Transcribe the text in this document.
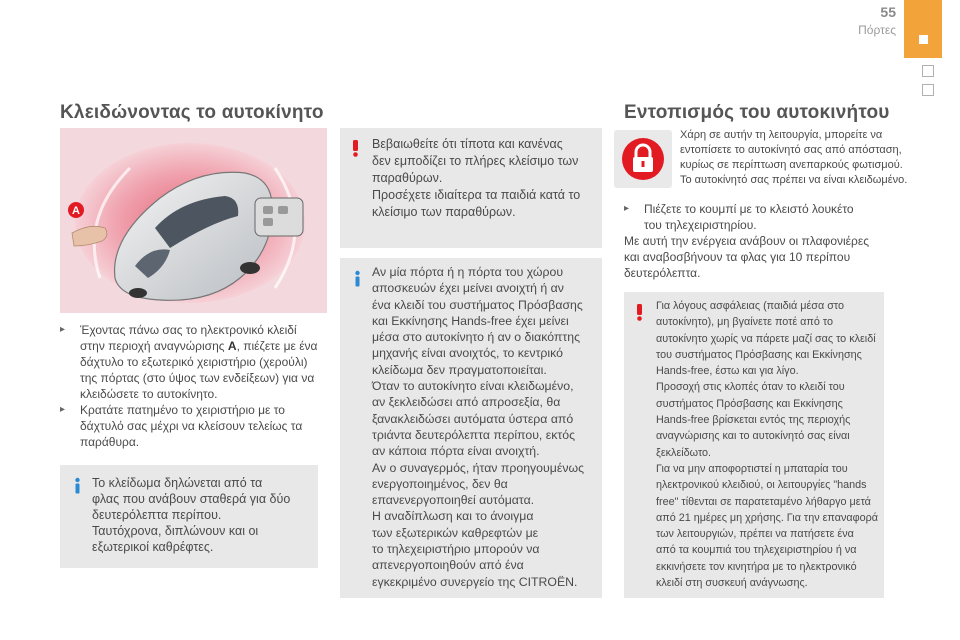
55
Πόρτες
Κλειδώνοντας το αυτοκίνητο
A
▸ Έχοντας πάνω σας το ηλεκτρονικό κλειδί
στην περιοχή αναγνώρισης A, πιέζετε με ένα
δάχτυλο το εξωτερικό χειριστήριο (χερούλι)
της πόρτας (στο ύψος των ενδείξεων) για να
κλειδώσετε το αυτοκίνητο.
▸ Κρατάτε πατημένο το χειριστήριο με το
δάχτυλό σας μέχρι να κλείσουν τελείως τα
παράθυρα.
Το κλείδωμα δηλώνεται από τα
φλας που ανάβουν σταθερά για δύο
δευτερόλεπτα περίπου.
Ταυτόχρονα, διπλώνουν και οι
εξωτερικοί καθρέφτες.
Βεβαιωθείτε ότι τίποτα και κανένας
δεν εμποδίζει το πλήρες κλείσιμο των
παραθύρων.
Προσέχετε ιδιαίτερα τα παιδιά κατά το
κλείσιμο των παραθύρων.
Αν μία πόρτα ή η πόρτα του χώρου
αποσκευών έχει μείνει ανοιχτή ή αν
ένα κλειδί του συστήματος Πρόσβασης
και Εκκίνησης Hands-free έχει μείνει
μέσα στο αυτοκίνητο ή αν ο διακόπτης
μηχανής είναι ανοιχτός, το κεντρικό
κλείδωμα δεν πραγματοποιείται.
Όταν το αυτοκίνητο είναι κλειδωμένο,
αν ξεκλειδώσει από απροσεξία, θα
ξανακλειδώσει αυτόματα ύστερα από
τριάντα δευτερόλεπτα περίπου, εκτός
αν κάποια πόρτα είναι ανοιχτή.
Αν ο συναγερμός, ήταν προηγουμένως
ενεργοποιημένος, δεν θα
επανενεργοποιηθεί αυτόματα.
Η αναδίπλωση και το άνοιγμα
των εξωτερικών καθρεφτών με
το τηλεχειριστήριο μπορούν να
απενεργοποιηθούν από ένα
εγκεκριμένο συνεργείο της CITROËN.
Εντοπισμός του αυτοκινήτου
Χάρη σε αυτήν τη λειτουργία, μπορείτε να
εντοπίσετε το αυτοκίνητό σας από απόσταση,
κυρίως σε περίπτωση ανεπαρκούς φωτισμού.
Το αυτοκίνητό σας πρέπει να είναι κλειδωμένο.
▸ Πιέζετε το κουμπί με το κλειστό λουκέτο
του τηλεχειριστηρίου.
Με αυτή την ενέργεια ανάβουν οι πλαφονιέρες
και αναβοσβήνουν τα φλας για 10 περίπου
δευτερόλεπτα.
Για λόγους ασφάλειας (παιδιά μέσα στο
αυτοκίνητο), μη βγαίνετε ποτέ από το
αυτοκίνητο χωρίς να πάρετε μαζί σας το κλειδί
του συστήματος Πρόσβασης και Εκκίνησης
Hands-free, έστω και για λίγο.
Προσοχή στις κλοπές όταν το κλειδί του
συστήματος Πρόσβασης και Εκκίνησης
Hands-free βρίσκεται εντός της περιοχής
αναγνώρισης και το αυτοκίνητό σας είναι
ξεκλείδωτο.
Για να μην αποφορτιστεί η μπαταρία του
ηλεκτρονικού κλειδιού, οι λειτουργίες "hands
free" τίθενται σε παρατεταμένο λήθαργο μετά
από 21 ημέρες μη χρήσης. Για την επαναφορά
των λειτουργιών, πρέπει να πατήσετε ένα
από τα κουμπιά του τηλεχειριστηρίου ή να
εκκινήσετε τον κινητήρα με το ηλεκτρονικό
κλειδί στη συσκευή ανάγνωσης.
